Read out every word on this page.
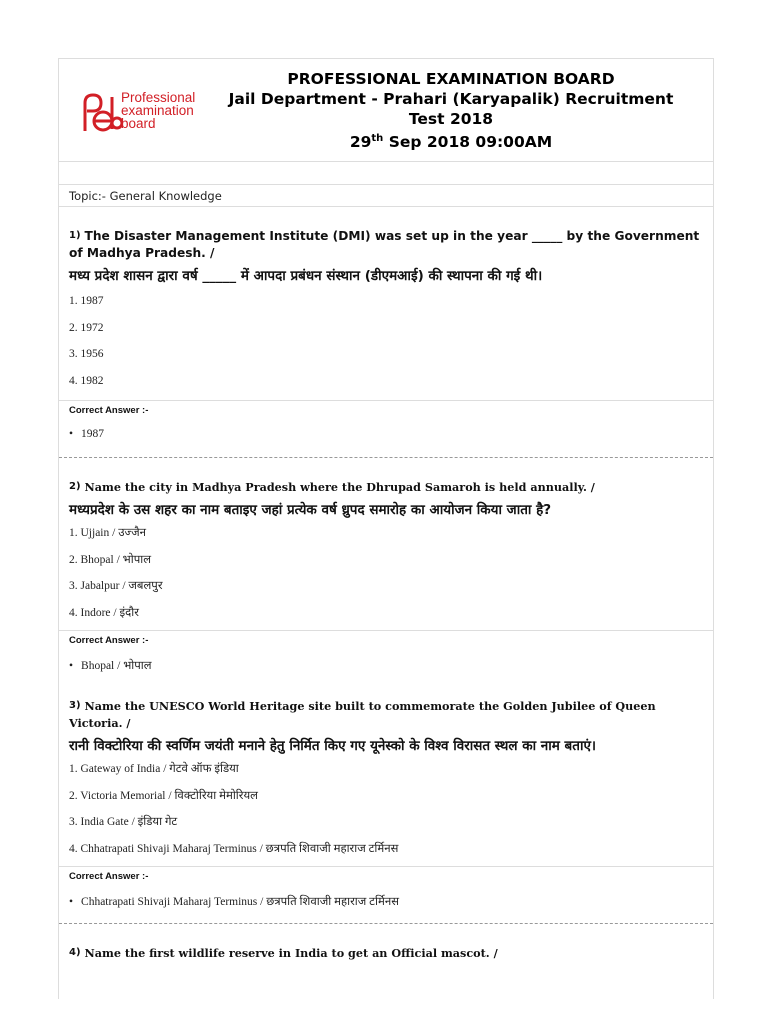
Professional
examination
board
PROFESSIONAL EXAMINATION BOARD
Jail Department - Prahari (Karyapalik) Recruitment
Test 2018
29th Sep 2018 09:00AM
Topic:- General Knowledge
1) The Disaster Management Institute (DMI) was set up in the year _____ by the Government of Madhya Pradesh. /
मध्य प्रदेश शासन द्वारा वर्ष _____ में आपदा प्रबंधन संस्थान (डीएमआई) की स्थापना की गई थी।
1. 1987
2. 1972
3. 1956
4. 1982
Correct Answer :-
• 1987
2) Name the city in Madhya Pradesh where the Dhrupad Samaroh is held annually. /
मध्यप्रदेश के उस शहर का नाम बताइए जहां प्रत्येक वर्ष ध्रुपद समारोह का आयोजन किया जाता है?
1. Ujjain / उज्जैन
2. Bhopal / भोपाल
3. Jabalpur / जबलपुर
4. Indore / इंदौर
Correct Answer :-
• Bhopal / भोपाल
3) Name the UNESCO World Heritage site built to commemorate the Golden Jubilee of Queen Victoria. /
रानी विक्टोरिया की स्वर्णिम जयंती मनाने हेतु निर्मित किए गए यूनेस्को के विश्व विरासत स्थल का नाम बताएं।
1. Gateway of India / गेटवे ऑफ इंडिया
2. Victoria Memorial / विक्टोरिया मेमोरियल
3. India Gate / इंडिया गेट
4. Chhatrapati Shivaji Maharaj Terminus / छत्रपति शिवाजी महाराज टर्मिनस
Correct Answer :-
• Chhatrapati Shivaji Maharaj Terminus / छत्रपति शिवाजी महाराज टर्मिनस
4) Name the first wildlife reserve in India to get an Official mascot. /
